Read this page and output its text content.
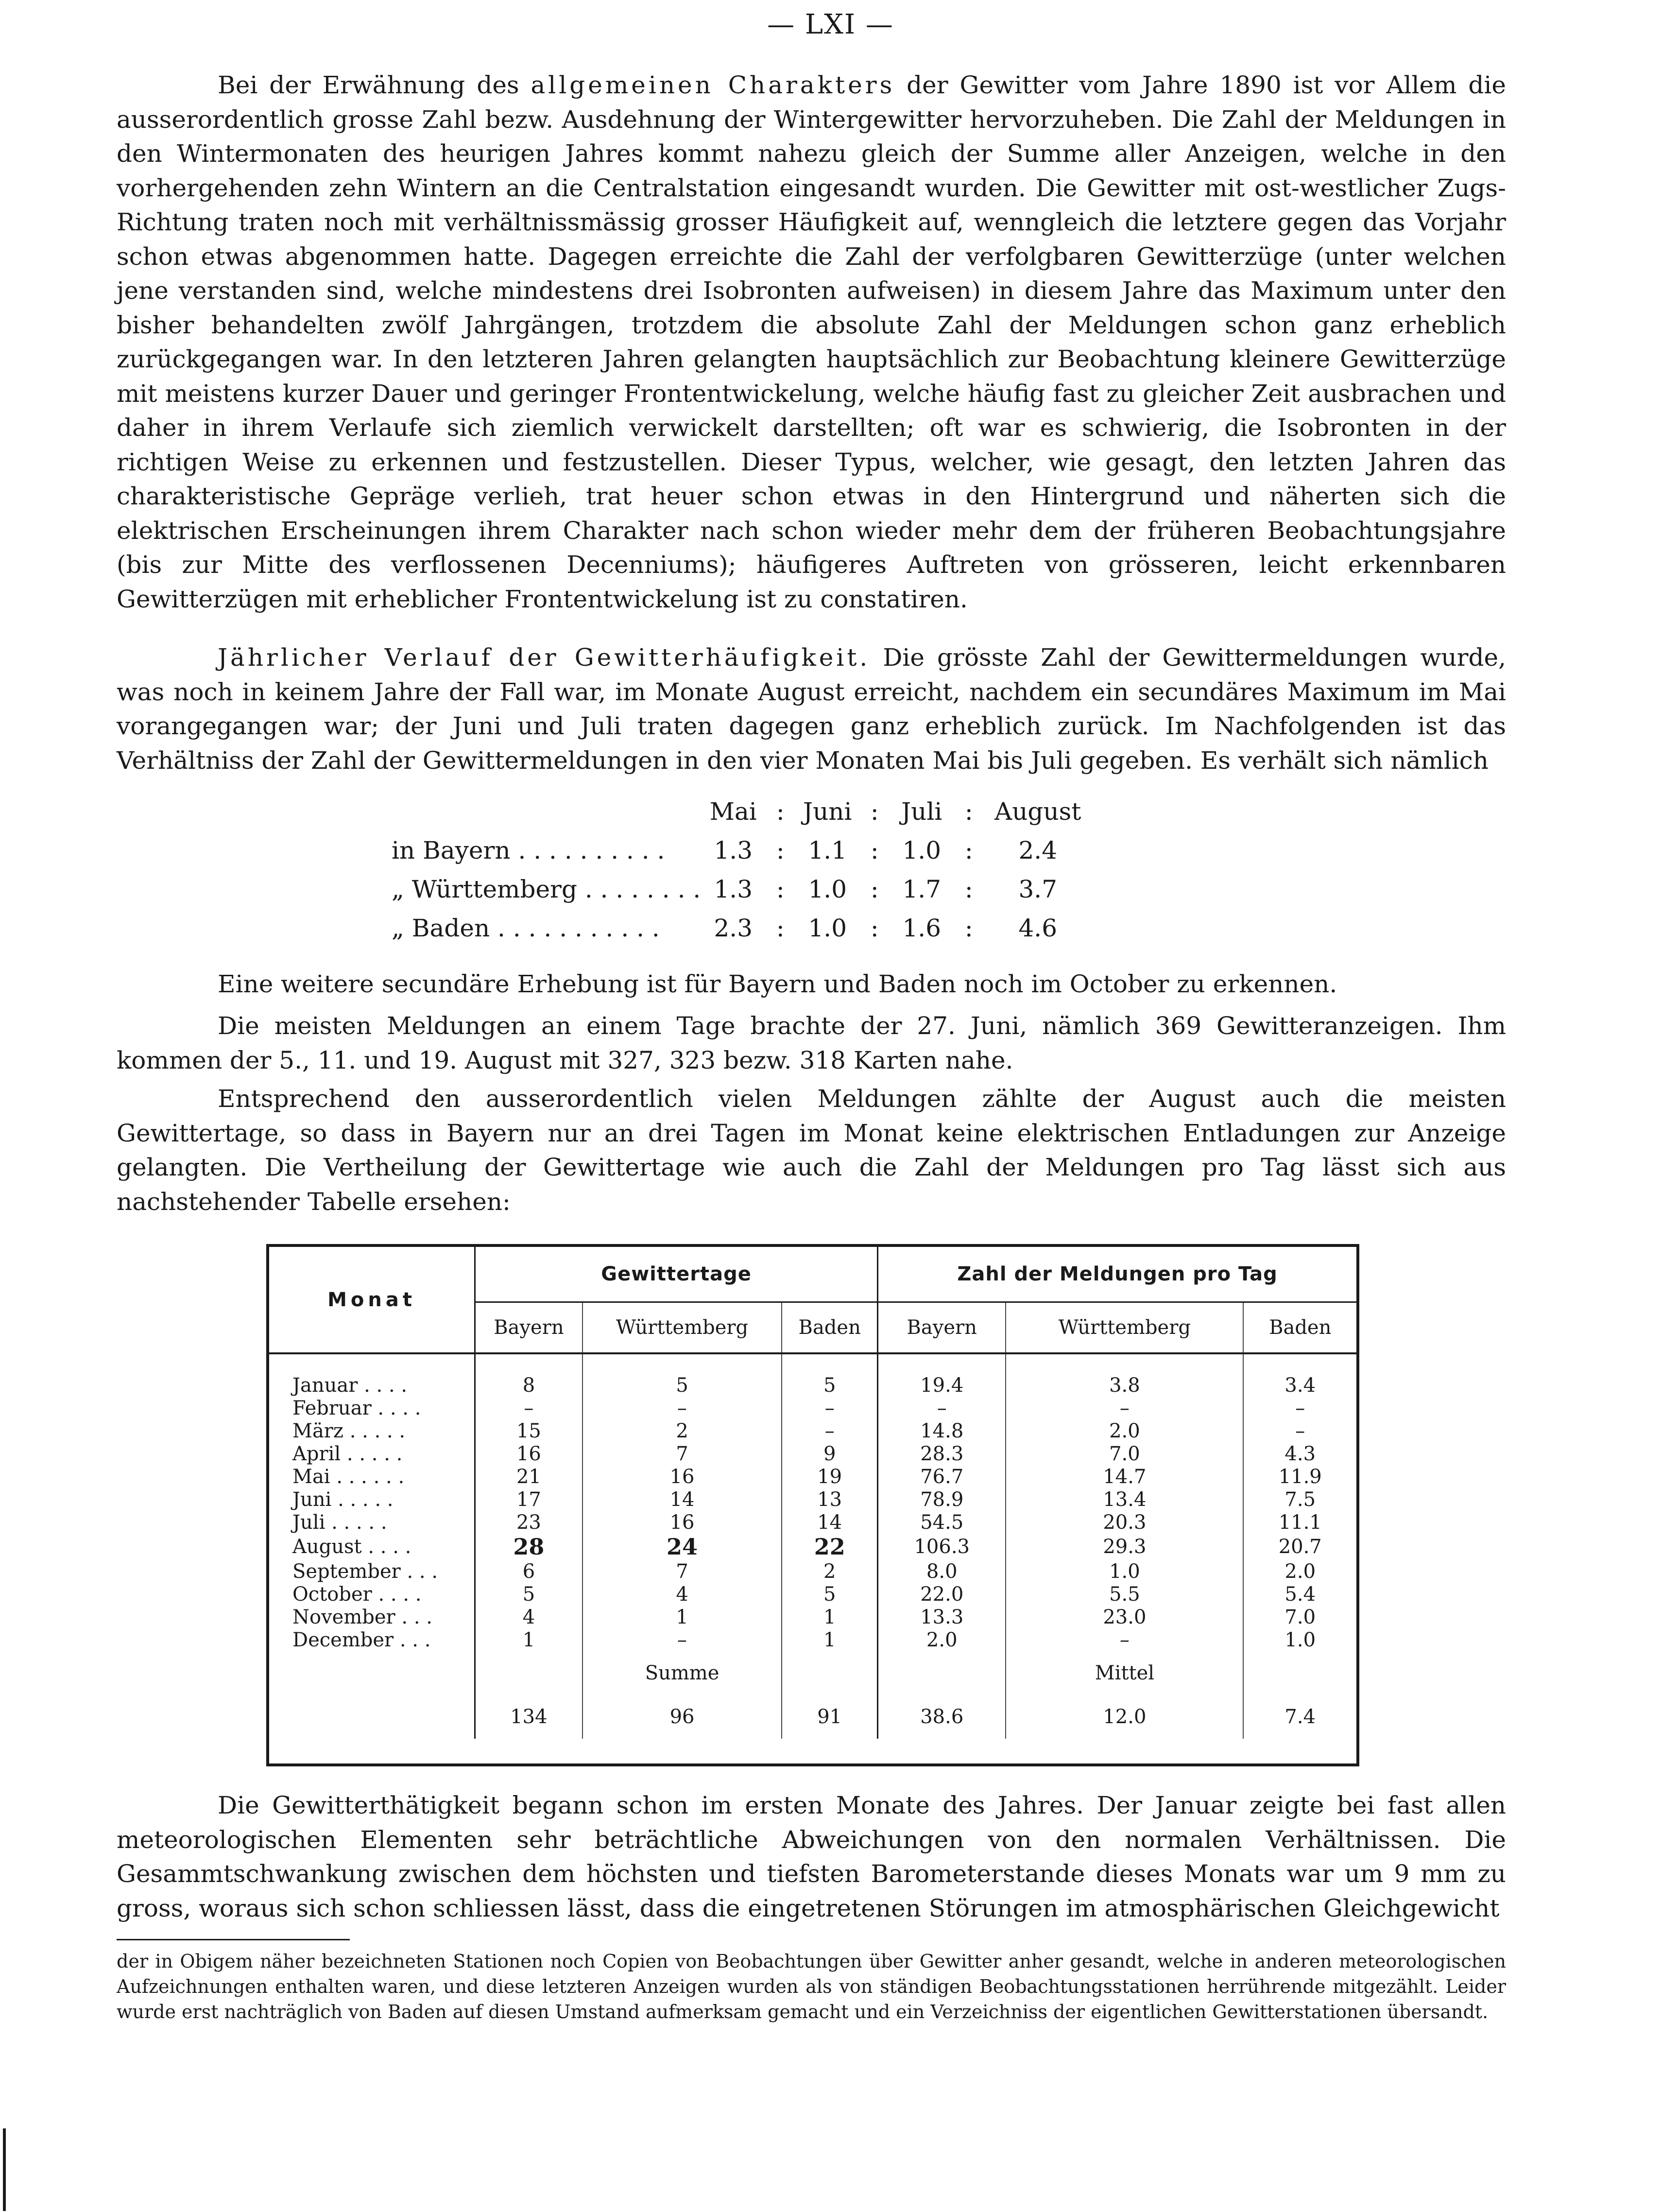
— LXI —

Bei der Erwähnung des allgemeinen Charakters der Gewitter vom Jahre 1890 ist vor Allem die ausserordentlich grosse Zahl bezw. Ausdehnung der Wintergewitter hervorzuheben. Die Zahl der Meldungen in den Wintermonaten des heurigen Jahres kommt nahezu gleich der Summe aller Anzeigen, welche in den vorhergehenden zehn Wintern an die Centralstation eingesandt wurden. Die Gewitter mit ost-westlicher Zugs-Richtung traten noch mit verhältnissmässig grosser Häufigkeit auf, wenngleich die letztere gegen das Vorjahr schon etwas abgenommen hatte. Dagegen erreichte die Zahl der verfolgbaren Gewitterzüge (unter welchen jene verstanden sind, welche mindestens drei Isobronten aufweisen) in diesem Jahre das Maximum unter den bisher behandelten zwölf Jahrgängen, trotzdem die absolute Zahl der Meldungen schon ganz erheblich zurückgegangen war. In den letzteren Jahren gelangten hauptsächlich zur Beobachtung kleinere Gewitterzüge mit meistens kurzer Dauer und geringer Frontentwickelung, welche häufig fast zu gleicher Zeit ausbrachen und daher in ihrem Verlaufe sich ziemlich verwickelt darstellten; oft war es schwierig, die Isobronten in der richtigen Weise zu erkennen und festzustellen. Dieser Typus, welcher, wie gesagt, den letzten Jahren das charakteristische Gepräge verlieh, trat heuer schon etwas in den Hintergrund und näherten sich die elektrischen Erscheinungen ihrem Charakter nach schon wieder mehr dem der früheren Beobachtungsjahre (bis zur Mitte des verflossenen Decenniums); häufigeres Auftreten von grösseren, leicht erkennbaren Gewitterzügen mit erheblicher Frontentwickelung ist zu constatiren.

Jährlicher Verlauf der Gewitterhäufigkeit. Die grösste Zahl der Gewittermeldungen wurde, was noch in keinem Jahre der Fall war, im Monate August erreicht, nachdem ein secundäres Maximum im Mai vorangegangen war; der Juni und Juli traten dagegen ganz erheblich zurück. Im Nachfolgenden ist das Verhältniss der Zahl der Gewittermeldungen in den vier Monaten Mai bis Juli gegeben. Es verhält sich nämlich

	Mai	:	Juni	:	Juli	:	August
in Bayern . . . . . . . . . .	1.3	:	1.1	:	1.0	:	2.4
„ Württemberg . . . . . . . .	1.3	:	1.0	:	1.7	:	3.7
„ Baden . . . . . . . . . . .	2.3	:	1.0	:	1.6	:	4.6

Eine weitere secundäre Erhebung ist für Bayern und Baden noch im October zu erkennen.

Die meisten Meldungen an einem Tage brachte der 27. Juni, nämlich 369 Gewitteranzeigen. Ihm kommen der 5., 11. und 19. August mit 327, 323 bezw. 318 Karten nahe.

Entsprechend den ausserordentlich vielen Meldungen zählte der August auch die meisten Gewittertage, so dass in Bayern nur an drei Tagen im Monat keine elektrischen Entladungen zur Anzeige gelangten. Die Vertheilung der Gewittertage wie auch die Zahl der Meldungen pro Tag lässt sich aus nachstehender Tabelle ersehen:

Monat	Gewittertage			Zahl der Meldungen pro Tag		
	Bayern	Württemberg	Baden	Bayern	Württemberg	Baden

Januar . . . .	8	5	5	19.4	3.8	3.4
Februar . . . .	–	–	–	–	–	–
März . . . . .	15	2	–	14.8	2.0	–
April . . . . .	16	7	9	28.3	7.0	4.3
Mai . . . . . .	21	16	19	76.7	14.7	11.9
Juni . . . . .	17	14	13	78.9	13.4	7.5
Juli . . . . .	23	16	14	54.5	20.3	11.1
August . . . .	28	24	22	106.3	29.3	20.7
September . . .	6	7	2	8.0	1.0	2.0
October . . . .	5	4	5	22.0	5.5	5.4
November . . .	4	1	1	13.3	23.0	7.0
December . . .	1	–	1	2.0	–	1.0
		Summe			Mittel	
	134	96	91	38.6	12.0	7.4

Die Gewitterthätigkeit begann schon im ersten Monate des Jahres. Der Januar zeigte bei fast allen meteorologischen Elementen sehr beträchtliche Abweichungen von den normalen Verhältnissen. Die Gesammtschwankung zwischen dem höchsten und tiefsten Barometerstande dieses Monats war um 9 mm zu gross, woraus sich schon schliessen lässt, dass die eingetretenen Störungen im atmosphärischen Gleichgewicht

der in Obigem näher bezeichneten Stationen noch Copien von Beobachtungen über Gewitter anher gesandt, welche in anderen meteorologischen Aufzeichnungen enthalten waren, und diese letzteren Anzeigen wurden als von ständigen Beobachtungsstationen herrührende mitgezählt. Leider wurde erst nachträglich von Baden auf diesen Umstand aufmerksam gemacht und ein Verzeichniss der eigentlichen Gewitterstationen übersandt.
